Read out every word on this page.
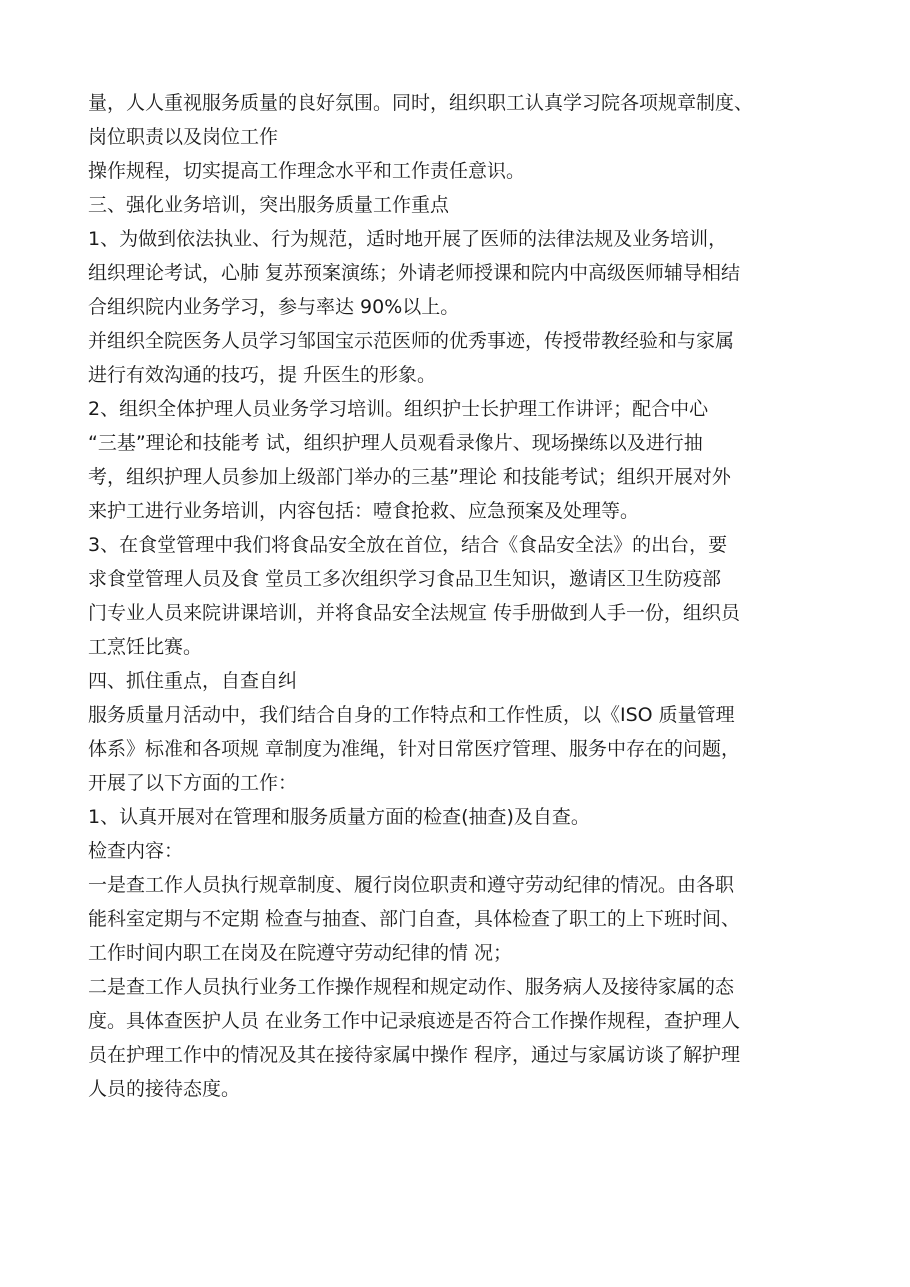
量，人人重视服务质量的良好氛围。同时，组织职工认真学习院各项规章制度、
岗位职责以及岗位工作
操作规程，切实提高工作理念水平和工作责任意识。
三、强化业务培训，突出服务质量工作重点
1、为做到依法执业、行为规范，适时地开展了医师的法律法规及业务培训，
组织理论考试，心肺 复苏预案演练；外请老师授课和院内中高级医师辅导相结
合组织院内业务学习，参与率达 90%以上。
并组织全院医务人员学习邹国宝示范医师的优秀事迹，传授带教经验和与家属
进行有效沟通的技巧，提 升医生的形象。
2、组织全体护理人员业务学习培训。组织护士长护理工作讲评；配合中心
“三基”理论和技能考 试，组织护理人员观看录像片、现场操练以及进行抽
考，组织护理人员参加上级部门举办的三基”理论 和技能考试；组织开展对外
来护工进行业务培训，内容包括：噎食抢救、应急预案及处理等。
3、在食堂管理中我们将食品安全放在首位，结合《食品安全法》的出台，要
求食堂管理人员及食 堂员工多次组织学习食品卫生知识，邀请区卫生防疫部
门专业人员来院讲课培训，并将食品安全法规宣 传手册做到人手一份，组织员
工烹饪比赛。
四、抓住重点，自查自纠
服务质量月活动中，我们结合自身的工作特点和工作性质，以《ISO 质量管理
体系》标准和各项规 章制度为准绳，针对日常医疗管理、服务中存在的问题，
开展了以下方面的工作：
1、认真开展对在管理和服务质量方面的检查(抽查)及自查。
检查内容：
一是查工作人员执行规章制度、履行岗位职责和遵守劳动纪律的情况。由各职
能科室定期与不定期 检查与抽查、部门自查，具体检查了职工的上下班时间、
工作时间内职工在岗及在院遵守劳动纪律的情 况；
二是查工作人员执行业务工作操作规程和规定动作、服务病人及接待家属的态
度。具体查医护人员 在业务工作中记录痕迹是否符合工作操作规程，查护理人
员在护理工作中的情况及其在接待家属中操作 程序，通过与家属访谈了解护理
人员的接待态度。
